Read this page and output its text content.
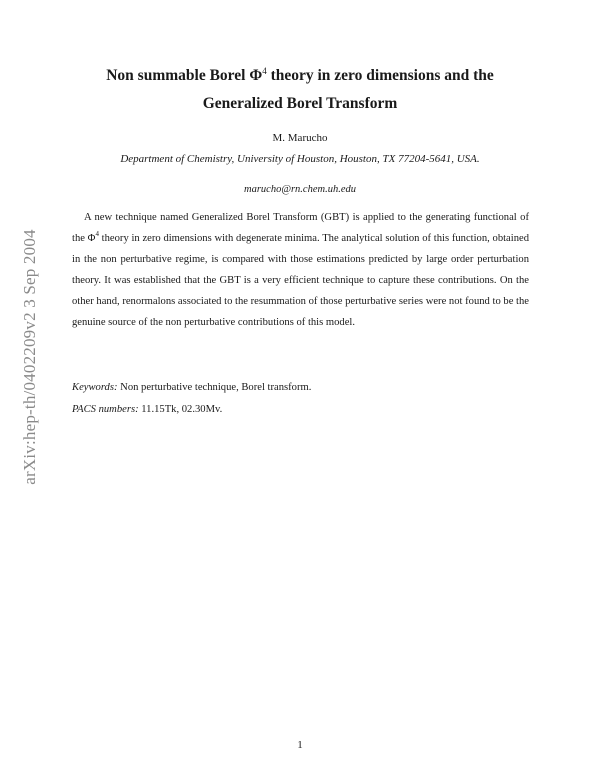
arXiv:hep-th/0402209v2 3 Sep 2004
Non summable Borel $\Phi^4$ theory in zero dimensions and the
Generalized Borel Transform
M. Marucho
Department of Chemistry, University of Houston, Houston, TX 77204-5641, USA.
marucho@rn.chem.uh.edu

A new technique named Generalized Borel Transform (GBT) is applied to the generating functional of the $\Phi^4$ theory in zero dimensions with degenerate minima. The analytical solution of this function, obtained in the non perturbative regime, is compared with those estimations predicted by large order perturbation theory. It was established that the GBT is a very efficient technique to capture these contributions. On the other hand, renormalons associated to the resummation of those perturbative series were not found to be the genuine source of the non perturbative contributions of this model.

Keywords: Non perturbative technique, Borel transform.
PACS numbers: 11.15Tk, 02.30Mv.
1
